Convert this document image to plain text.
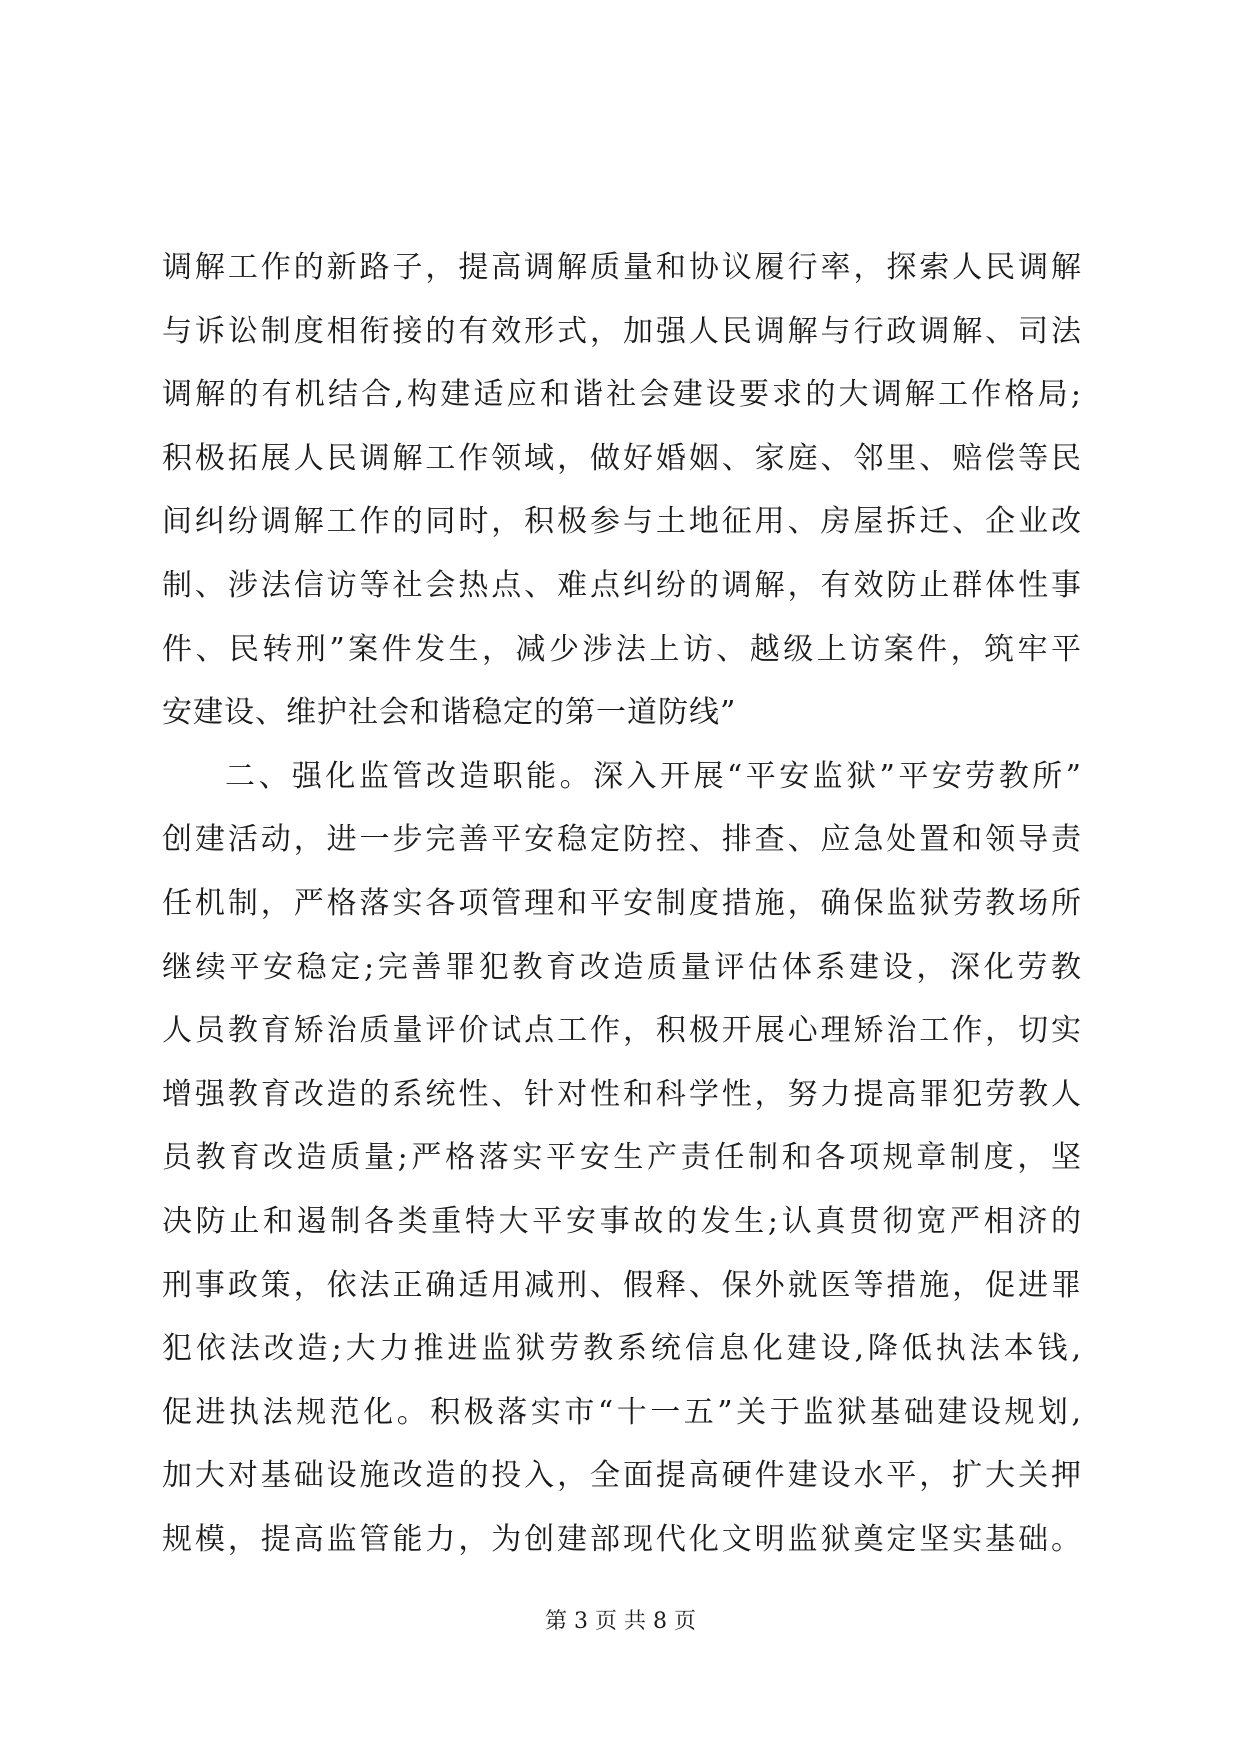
调解工作的新路子，提高调解质量和协议履行率，探索人民调解
与诉讼制度相衔接的有效形式，加强人民调解与行政调解、司法
调解的有机结合,构建适应和谐社会建设要求的大调解工作格局;
积极拓展人民调解工作领域，做好婚姻、家庭、邻里、赔偿等民
间纠纷调解工作的同时，积极参与土地征用、房屋拆迁、企业改
制、涉法信访等社会热点、难点纠纷的调解，有效防止群体性事
件、民转刑”案件发生，减少涉法上访、越级上访案件，筑牢平
安建设、维护社会和谐稳定的第一道防线”
二、强化监管改造职能。深入开展“平安监狱”平安劳教所”
创建活动，进一步完善平安稳定防控、排查、应急处置和领导责
任机制，严格落实各项管理和平安制度措施，确保监狱劳教场所
继续平安稳定;完善罪犯教育改造质量评估体系建设，深化劳教
人员教育矫治质量评价试点工作，积极开展心理矫治工作，切实
增强教育改造的系统性、针对性和科学性，努力提高罪犯劳教人
员教育改造质量;严格落实平安生产责任制和各项规章制度，坚
决防止和遏制各类重特大平安事故的发生;认真贯彻宽严相济的
刑事政策，依法正确适用减刑、假释、保外就医等措施，促进罪
犯依法改造;大力推进监狱劳教系统信息化建设,降低执法本钱,
促进执法规范化。积极落实市“十一五”关于监狱基础建设规划,
加大对基础设施改造的投入，全面提高硬件建设水平，扩大关押
规模，提高监管能力，为创建部现代化文明监狱奠定坚实基础。
第 3 页 共 8 页
